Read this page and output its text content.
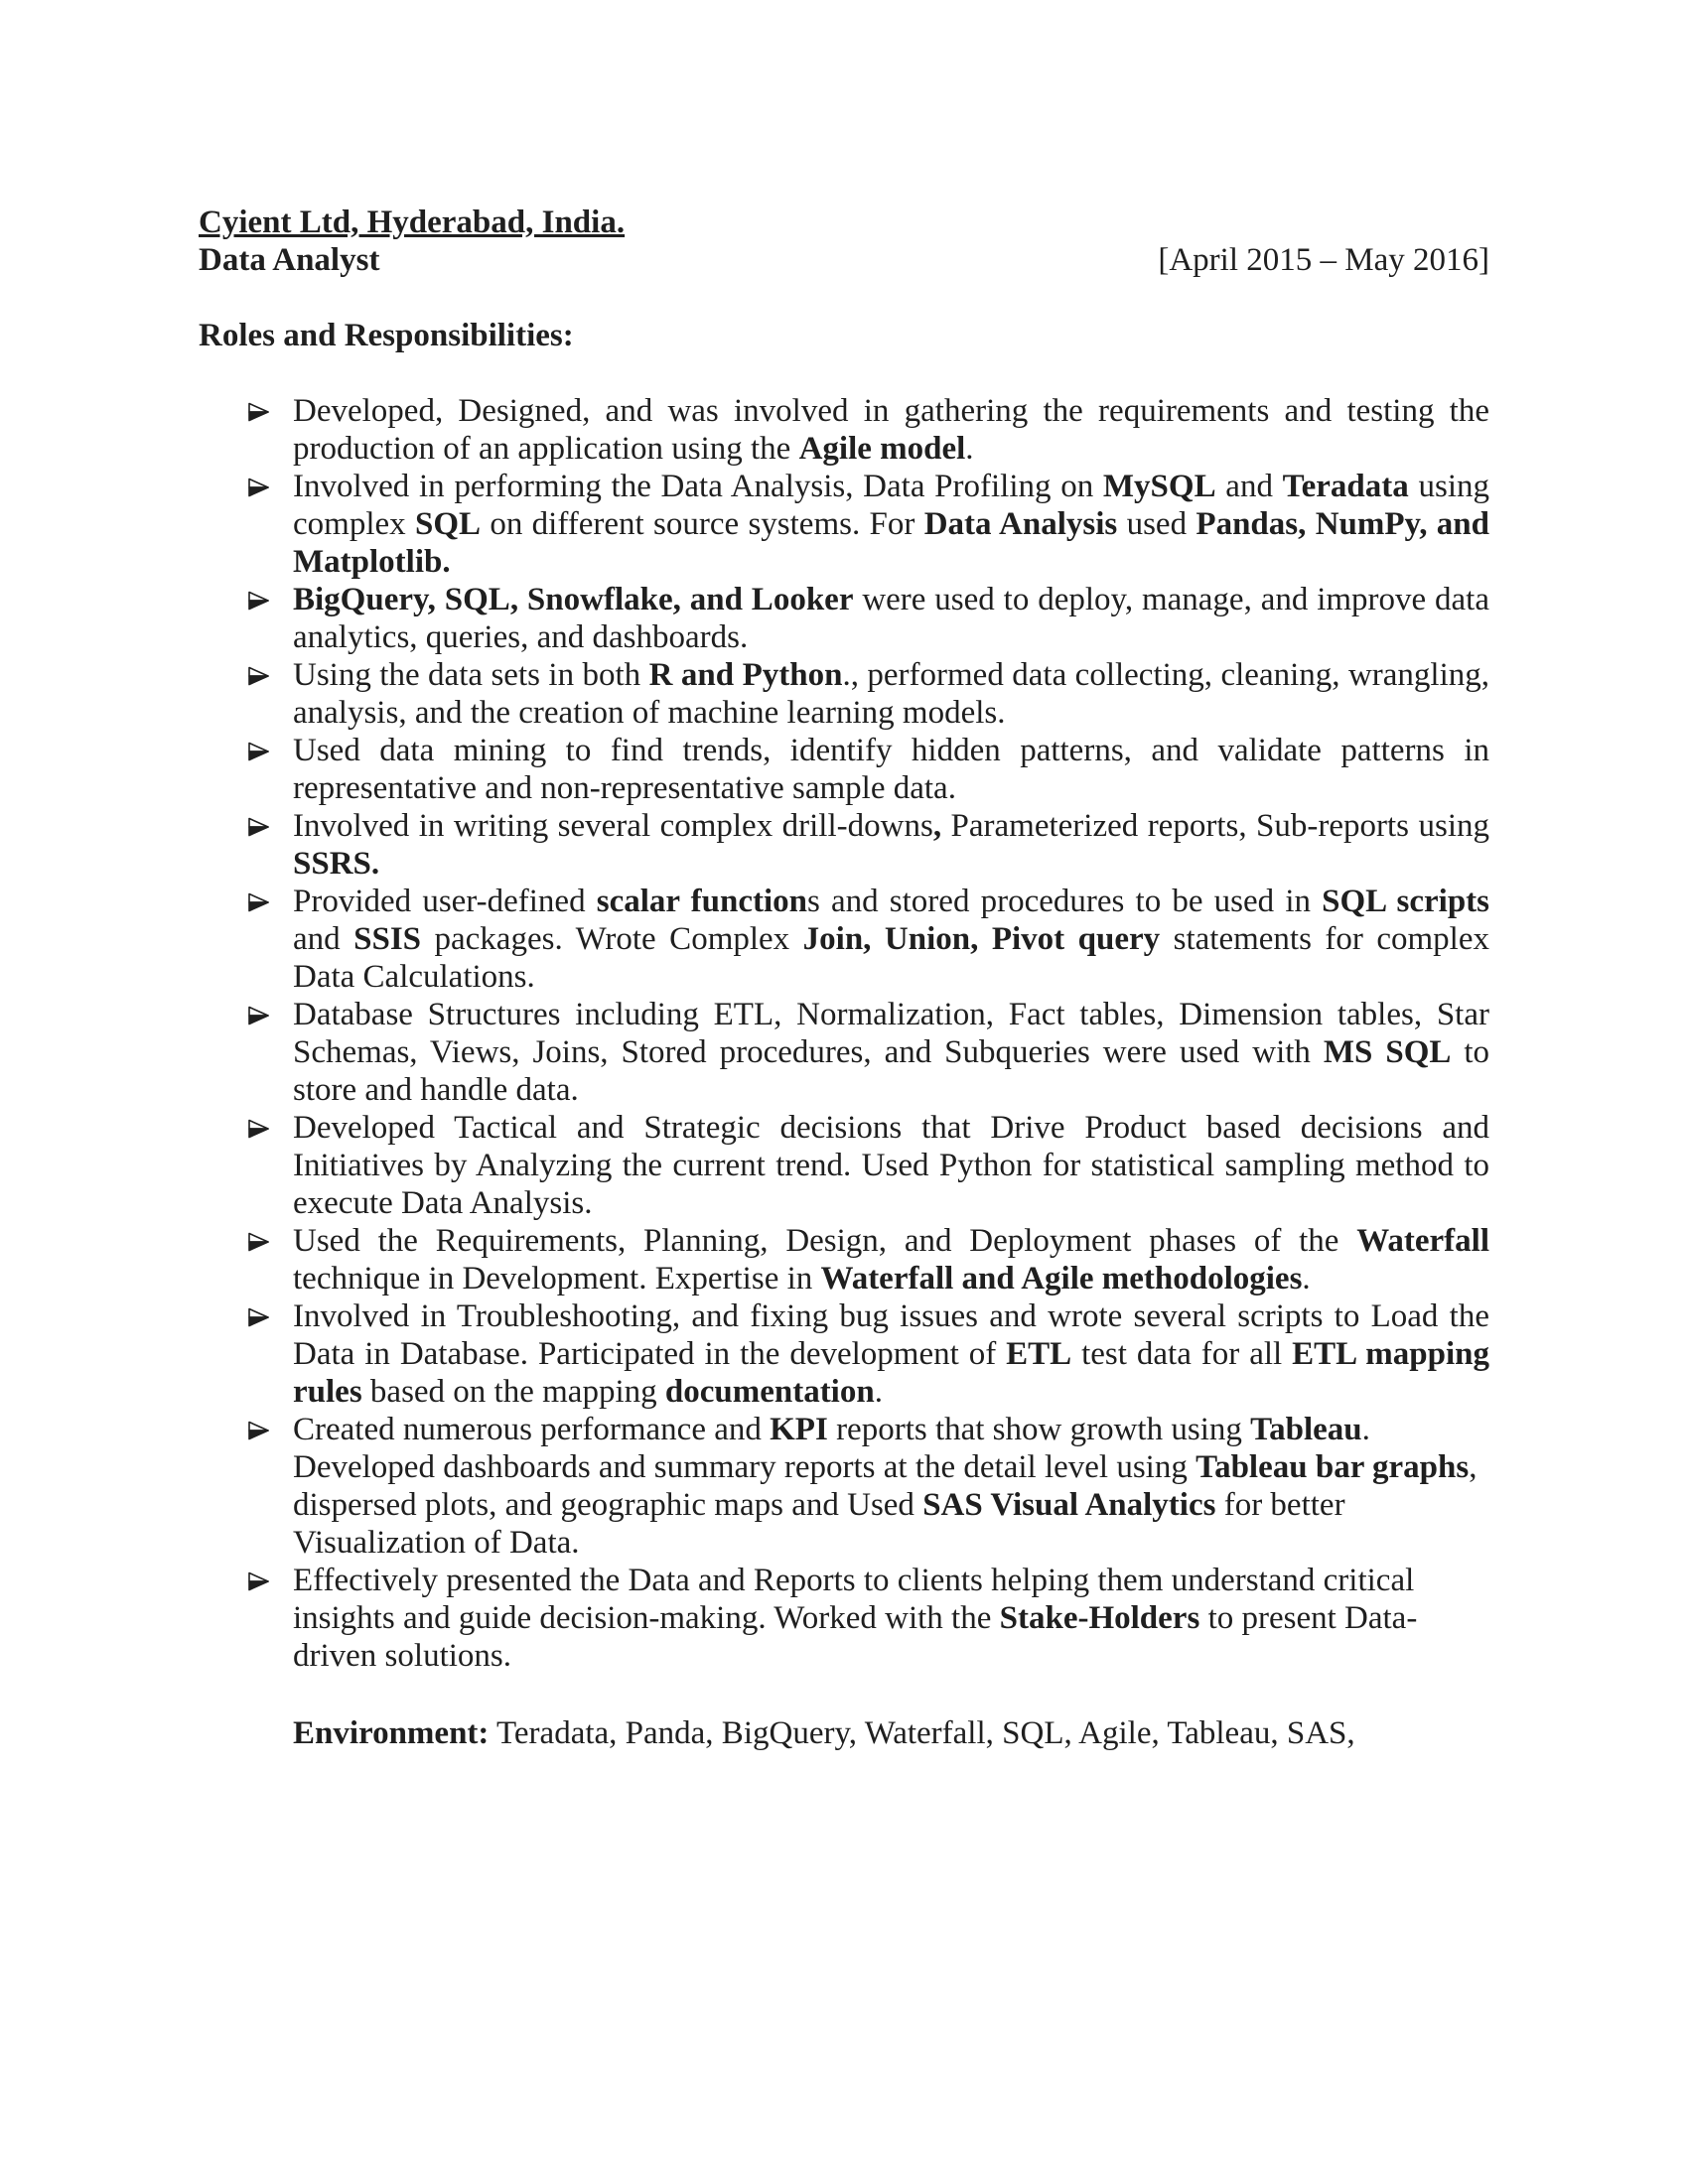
Cyient Ltd, Hyderabad, India.
Data Analyst	[April 2015 – May 2016]
Roles and Responsibilities:
Developed, Designed, and was involved in gathering the requirements and testing the production of an application using the Agile model.
Involved in performing the Data Analysis, Data Profiling on MySQL and Teradata using complex SQL on different source systems. For Data Analysis used Pandas, NumPy, and Matplotlib.
BigQuery, SQL, Snowflake, and Looker were used to deploy, manage, and improve data analytics, queries, and dashboards.
Using the data sets in both R and Python., performed data collecting, cleaning, wrangling, analysis, and the creation of machine learning models.
Used data mining to find trends, identify hidden patterns, and validate patterns in representative and non-representative sample data.
Involved in writing several complex drill-downs, Parameterized reports, Sub-reports using SSRS.
Provided user-defined scalar functions and stored procedures to be used in SQL scripts and SSIS packages. Wrote Complex Join, Union, Pivot query statements for complex Data Calculations.
Database Structures including ETL, Normalization, Fact tables, Dimension tables, Star Schemas, Views, Joins, Stored procedures, and Subqueries were used with MS SQL to store and handle data.
Developed Tactical and Strategic decisions that Drive Product based decisions and Initiatives by Analyzing the current trend. Used Python for statistical sampling method to execute Data Analysis.
Used the Requirements, Planning, Design, and Deployment phases of the Waterfall technique in Development. Expertise in Waterfall and Agile methodologies.
Involved in Troubleshooting, and fixing bug issues and wrote several scripts to Load the Data in Database. Participated in the development of ETL test data for all ETL mapping rules based on the mapping documentation.
Created numerous performance and KPI reports that show growth using Tableau. Developed dashboards and summary reports at the detail level using Tableau bar graphs, dispersed plots, and geographic maps and Used SAS Visual Analytics for better Visualization of Data.
Effectively presented the Data and Reports to clients helping them understand critical insights and guide decision-making. Worked with the Stake-Holders to present Data-driven solutions.
Environment: Teradata, Panda, BigQuery, Waterfall, SQL, Agile, Tableau, SAS,
